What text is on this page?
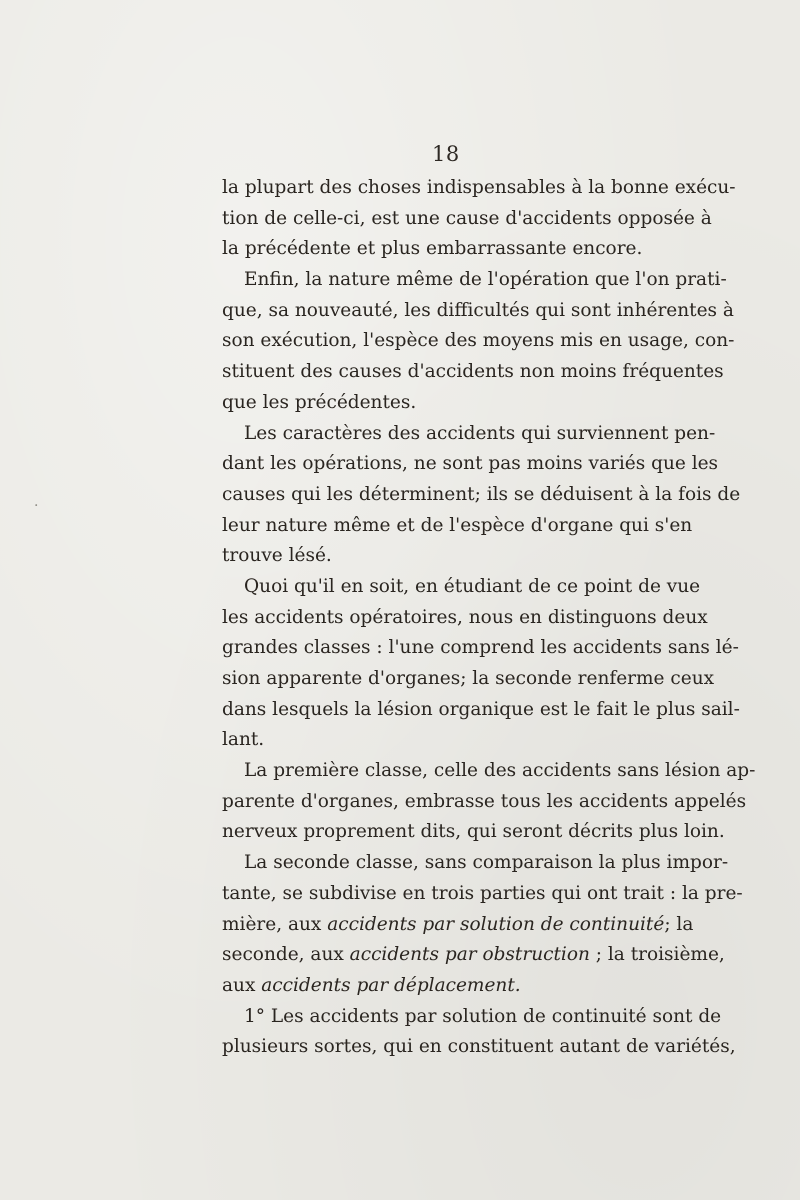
18
la plupart des choses indispensables à la bonne exécu-
tion de celle-ci, est une cause d'accidents opposée à
la précédente et plus embarrassante encore.
Enfin, la nature même de l'opération que l'on prati-
que, sa nouveauté, les difficultés qui sont inhérentes à
son exécution, l'espèce des moyens mis en usage, con-
stituent des causes d'accidents non moins fréquentes
que les précédentes.
Les caractères des accidents qui surviennent pen-
dant les opérations, ne sont pas moins variés que les
causes qui les déterminent; ils se déduisent à la fois de
leur nature même et de l'espèce d'organe qui s'en
trouve lésé.
Quoi qu'il en soit, en étudiant de ce point de vue
les accidents opératoires, nous en distinguons deux
grandes classes : l'une comprend les accidents sans lé-
sion apparente d'organes; la seconde renferme ceux
dans lesquels la lésion organique est le fait le plus sail-
lant.
La première classe, celle des accidents sans lésion ap-
parente d'organes, embrasse tous les accidents appelés
nerveux proprement dits, qui seront décrits plus loin.
La seconde classe, sans comparaison la plus impor-
tante, se subdivise en trois parties qui ont trait : la pre-
mière, aux accidents par solution de continuité; la
seconde, aux accidents par obstruction ; la troisième,
aux accidents par déplacement.
1° Les accidents par solution de continuité sont de
plusieurs sortes, qui en constituent autant de variétés,
·
